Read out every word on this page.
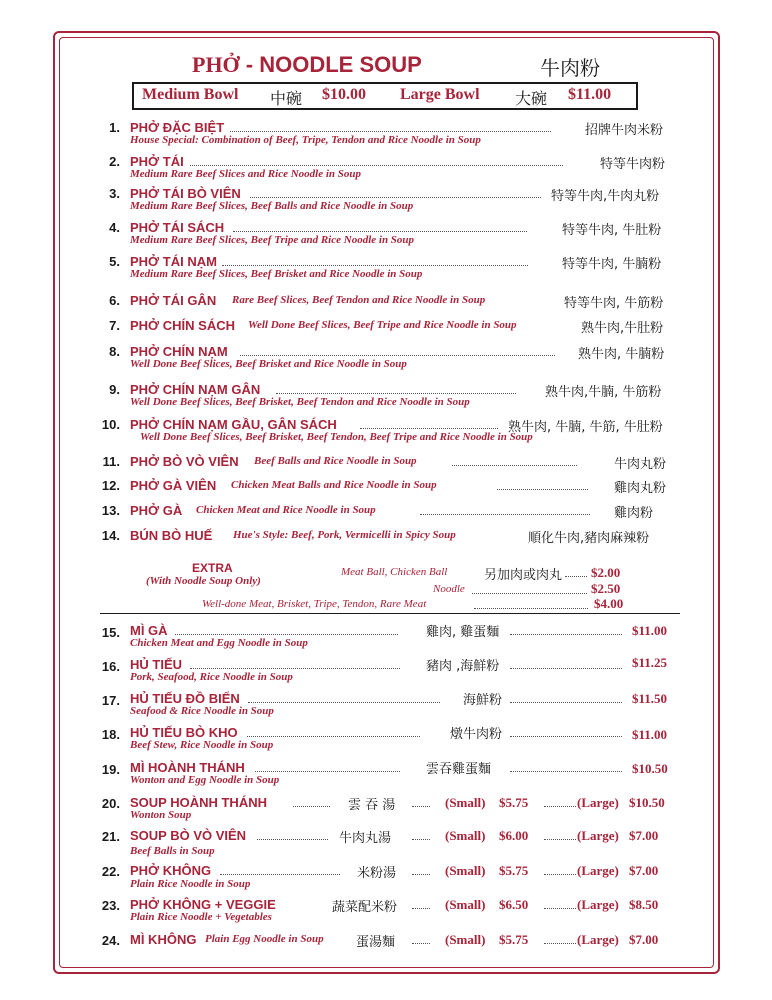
PHỞ - NOODLE SOUP	牛肉粉
Medium Bowl 中碗 $10.00 Large Bowl 大碗 $11.00
1. PHỞ ĐẶC BIỆT
House Special: Combination of Beef, Tripe, Tendon and Rice Noodle in Soup
招牌牛肉米粉
2. PHỞ TÁI
Medium Rare Beef Slices and Rice Noodle in Soup
特等牛肉粉
3. PHỞ TÁI BÒ VIÊN
Medium Rare Beef Slices, Beef Balls and Rice Noodle in Soup
特等牛肉,牛肉丸粉
4. PHỞ TÁI SÁCH
Medium Rare Beef Slices, Beef Tripe and Rice Noodle in Soup
特等牛肉, 牛肚粉
5. PHỞ TÁI NẠM
Medium Rare Beef Slices, Beef Brisket and Rice Noodle in Soup
特等牛肉, 牛腩粉
6. PHỞ TÁI GÂN Rare Beef Slices, Beef Tendon and Rice Noodle in Soup	特等牛肉, 牛筋粉
7. PHỞ CHÍN SÁCH Well Done Beef Slices, Beef Tripe and Rice Noodle in Soup	熟牛肉,牛肚粉
8. PHỞ CHÍN NẠM
Well Done Beef Slices, Beef Brisket and Rice Noodle in Soup
熟牛肉, 牛腩粉
9. PHỞ CHÍN NẠM GÂN
Well Done Beef Slices, Beef Brisket, Beef Tendon and Rice Noodle in Soup
熟牛肉,牛腩, 牛筋粉
10. PHỞ CHÍN NẠM GẦU, GÂN SÁCH
Well Done Beef Slices, Beef Brisket, Beef Tendon, Beef Tripe and Rice Noodle in Soup
熟牛肉, 牛腩, 牛筋, 牛肚粉
11. PHỞ BÒ VÒ VIÊN Beef Balls and Rice Noodle in Soup	牛肉丸粉
12. PHỞ GÀ VIÊN Chicken Meat Balls and Rice Noodle in Soup	雞肉丸粉
13. PHỞ GÀ Chicken Meat and Rice Noodle in Soup	雞肉粉
14. BÚN BÒ HUẾ Hue's Style: Beef, Pork, Vermicelli in Spicy Soup	順化牛肉,豬肉麻辣粉
EXTRA
(With Noodle Soup Only)
Meat Ball, Chicken Ball	另加肉或肉丸 $2.00
Noodle	$2.50
Well-done Meat, Brisket, Tripe, Tendon, Rare Meat	$4.00
15. MÌ GÀ
Chicken Meat and Egg Noodle in Soup
雞肉, 雞蛋麵	$11.00
16. HỦ TIẾU
Pork, Seafood, Rice Noodle in Soup
豬肉 ,海鮮粉	$11.25
17. HỦ TIẾU ĐỒ BIỂN
Seafood & Rice Noodle in Soup
海鮮粉	$11.50
18. HỦ TIẾU BÒ KHO
Beef Stew, Rice Noodle in Soup
燉牛肉粉	$11.00
19. MÌ HOÀNH THÁNH
Wonton and Egg Noodle in Soup
雲吞雞蛋麵	$10.50
20. SOUP HOÀNH THÁNH
Wonton Soup
雲 吞 湯	(Small) $5.75	(Large) $10.50
21. SOUP BÒ VÒ VIÊN
Beef Balls in Soup
牛肉丸湯	(Small) $6.00	(Large) $7.00
22. PHỞ KHÔNG
Plain Rice Noodle in Soup
米粉湯	(Small) $5.75	(Large) $7.00
23. PHỞ KHÔNG + VEGGIE
Plain Rice Noodle + Vegetables
蔬菜配米粉	(Small) $6.50	(Large) $8.50
24. MÌ KHÔNG Plain Egg Noodle in Soup 蛋湯麵	(Small) $5.75	(Large) $7.00
